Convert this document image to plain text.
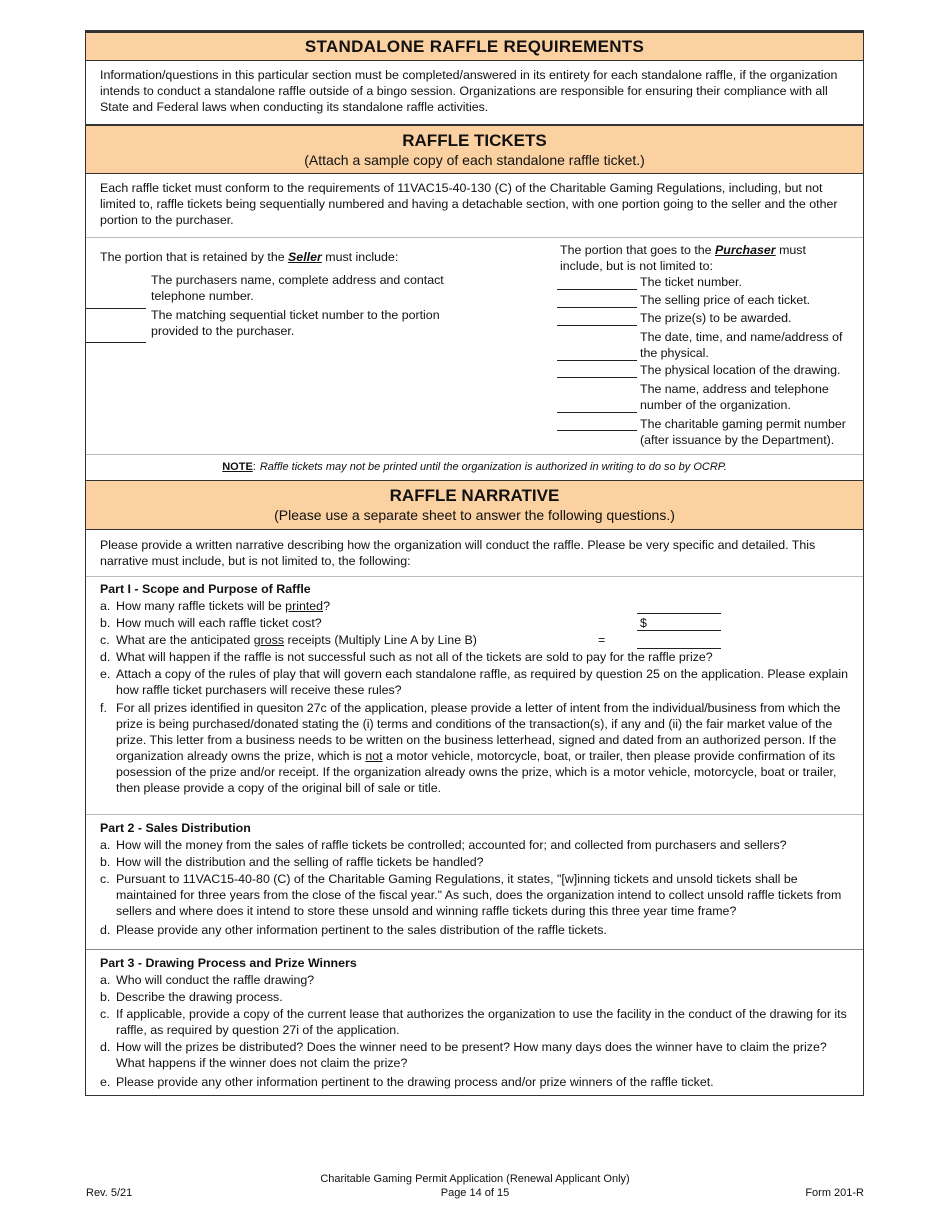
STANDALONE RAFFLE REQUIREMENTS
Information/questions in this particular section must be completed/answered in its entirety for each standalone raffle, if the organization intends to conduct a standalone raffle outside of a bingo session. Organizations are responsible for ensuring their compliance with all State and Federal laws when conducting its standalone raffle activities.
RAFFLE TICKETS
(Attach a sample copy of each standalone raffle ticket.)
Each raffle ticket must conform to the requirements of 11VAC15-40-130 (C) of the Charitable Gaming Regulations, including, but not limited to, raffle tickets being sequentially numbered and having a detachable section, with one portion going to the seller and the other portion to the purchaser.
The portion that is retained by the Seller must include:
The purchasers name, complete address and contact telephone number.
The matching sequential ticket number to the portion provided to the purchaser.
The portion that goes to the Purchaser must include, but is not limited to:
The ticket number.
The selling price of each ticket.
The prize(s) to be awarded.
The date, time, and name/address of the physical.
The physical location of the drawing.
The name, address and telephone number of the organization.
The charitable gaming permit number (after issuance by the Department).
NOTE: Raffle tickets may not be printed until the organization is authorized in writing to do so by OCRP.
RAFFLE NARRATIVE
(Please use a separate sheet to answer the following questions.)
Please provide a written narrative describing how the organization will conduct the raffle. Please be very specific and detailed. This narrative must include, but is not limited to, the following:
Part I - Scope and Purpose of Raffle
a. How many raffle tickets will be printed?
b. How much will each raffle ticket cost?
c. What are the anticipated gross receipts (Multiply Line A by Line B)
d. What will happen if the raffle is not successful such as not all of the tickets are sold to pay for the raffle prize?
e. Attach a copy of the rules of play that will govern each standalone raffle, as required by question 25 on the application. Please explain how raffle ticket purchasers will receive these rules?
f. For all prizes identified in quesiton 27c of the application, please provide a letter of intent from the individual/business from which the prize is being purchased/donated stating the (i) terms and conditions of the transaction(s), if any and (ii) the fair market value of the prize. This letter from a business needs to be written on the business letterhead, signed and dated from an authorized person. If the organization already owns the prize, which is not a motor vehicle, motorcycle, boat, or trailer, then please provide confirmation of its posession of the prize and/or receipt. If the organization already owns the prize, which is a motor vehicle, motorcycle, boat or trailer, then please provide a copy of the original bill of sale or title.
$
=
Part 2 - Sales Distribution
a. How will the money from the sales of raffle tickets be controlled; accounted for; and collected from purchasers and sellers?
b. How will the distribution and the selling of raffle tickets be handled?
c. Pursuant to 11VAC15-40-80 (C) of the Charitable Gaming Regulations, it states, "[w]inning tickets and unsold tickets shall be maintained for three years from the close of the fiscal year." As such, does the organization intend to collect unsold raffle tickets from sellers and where does it intend to store these unsold and winning raffle tickets during this three year time frame?
d. Please provide any other information pertinent to the sales distribution of the raffle tickets.
Part 3 - Drawing Process and Prize Winners
a. Who will conduct the raffle drawing?
b. Describe the drawing process.
c. If applicable, provide a copy of the current lease that authorizes the organization to use the facility in the conduct of the drawing for its raffle, as required by question 27i of the application.
d. How will the prizes be distributed? Does the winner need to be present? How many days does the winner have to claim the prize? What happens if the winner does not claim the prize?
e. Please provide any other information pertinent to the drawing process and/or prize winners of the raffle ticket.
Rev. 5/21
Charitable Gaming Permit Application (Renewal Applicant Only)
Page 14 of 15	Form 201-R
